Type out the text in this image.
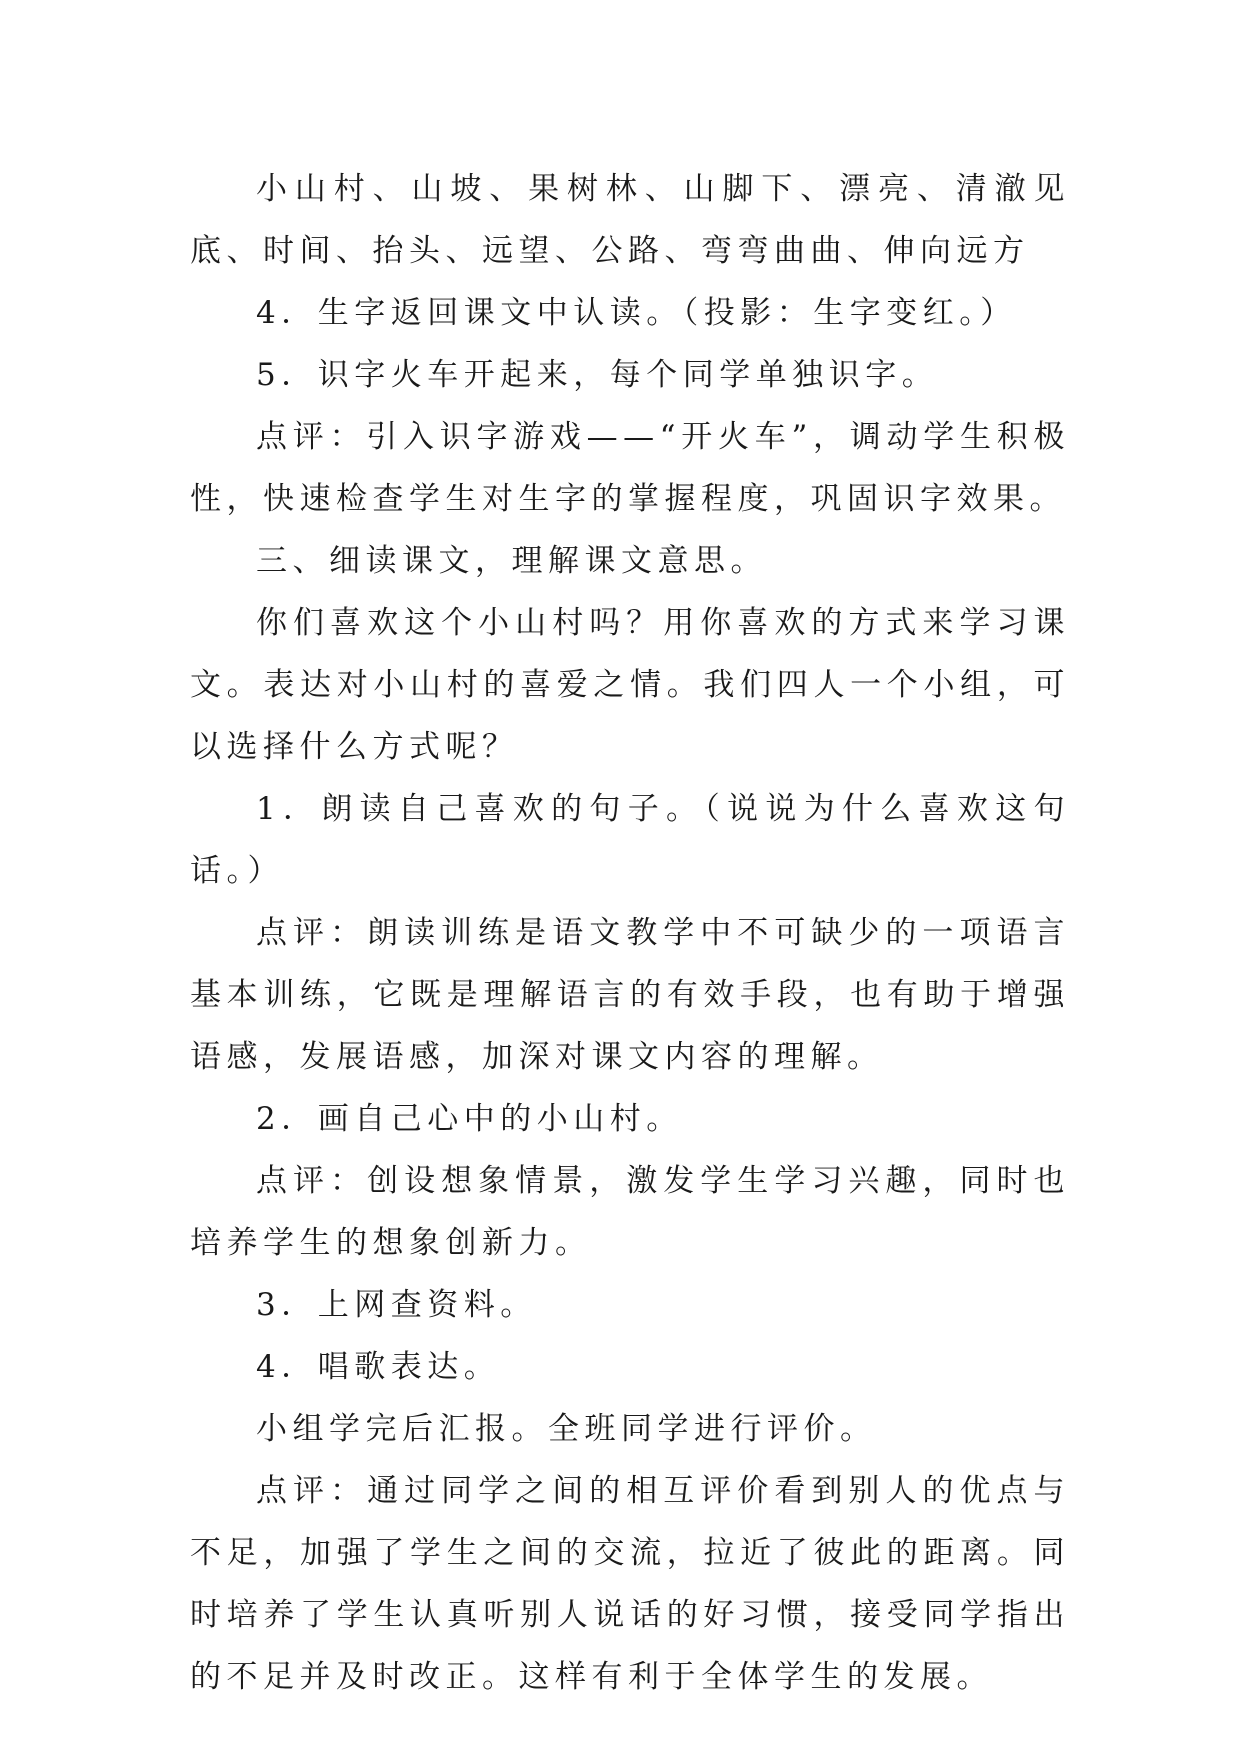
小山村、山坡、果树林、山脚下、漂亮、清澈见底、时间、抬头、远望、公路、弯弯曲曲、伸向远方

4．生字返回课文中认读。（投影：生字变红。）

5．识字火车开起来，每个同学单独识字。

点评：引入识字游戏——“开火车”，调动学生积极性，快速检查学生对生字的掌握程度，巩固识字效果。

三、细读课文，理解课文意思。

你们喜欢这个小山村吗？用你喜欢的方式来学习课文。表达对小山村的喜爱之情。我们四人一个小组，可以选择什么方式呢？

1．朗读自己喜欢的句子。（说说为什么喜欢这句话。）

点评：朗读训练是语文教学中不可缺少的一项语言基本训练，它既是理解语言的有效手段，也有助于增强语感，发展语感，加深对课文内容的理解。

2．画自己心中的小山村。

点评：创设想象情景，激发学生学习兴趣，同时也培养学生的想象创新力。

3．上网查资料。

4．唱歌表达。

小组学完后汇报。全班同学进行评价。

点评：通过同学之间的相互评价看到别人的优点与不足，加强了学生之间的交流，拉近了彼此的距离。同时培养了学生认真听别人说话的好习惯，接受同学指出的不足并及时改正。这样有利于全体学生的发展。
